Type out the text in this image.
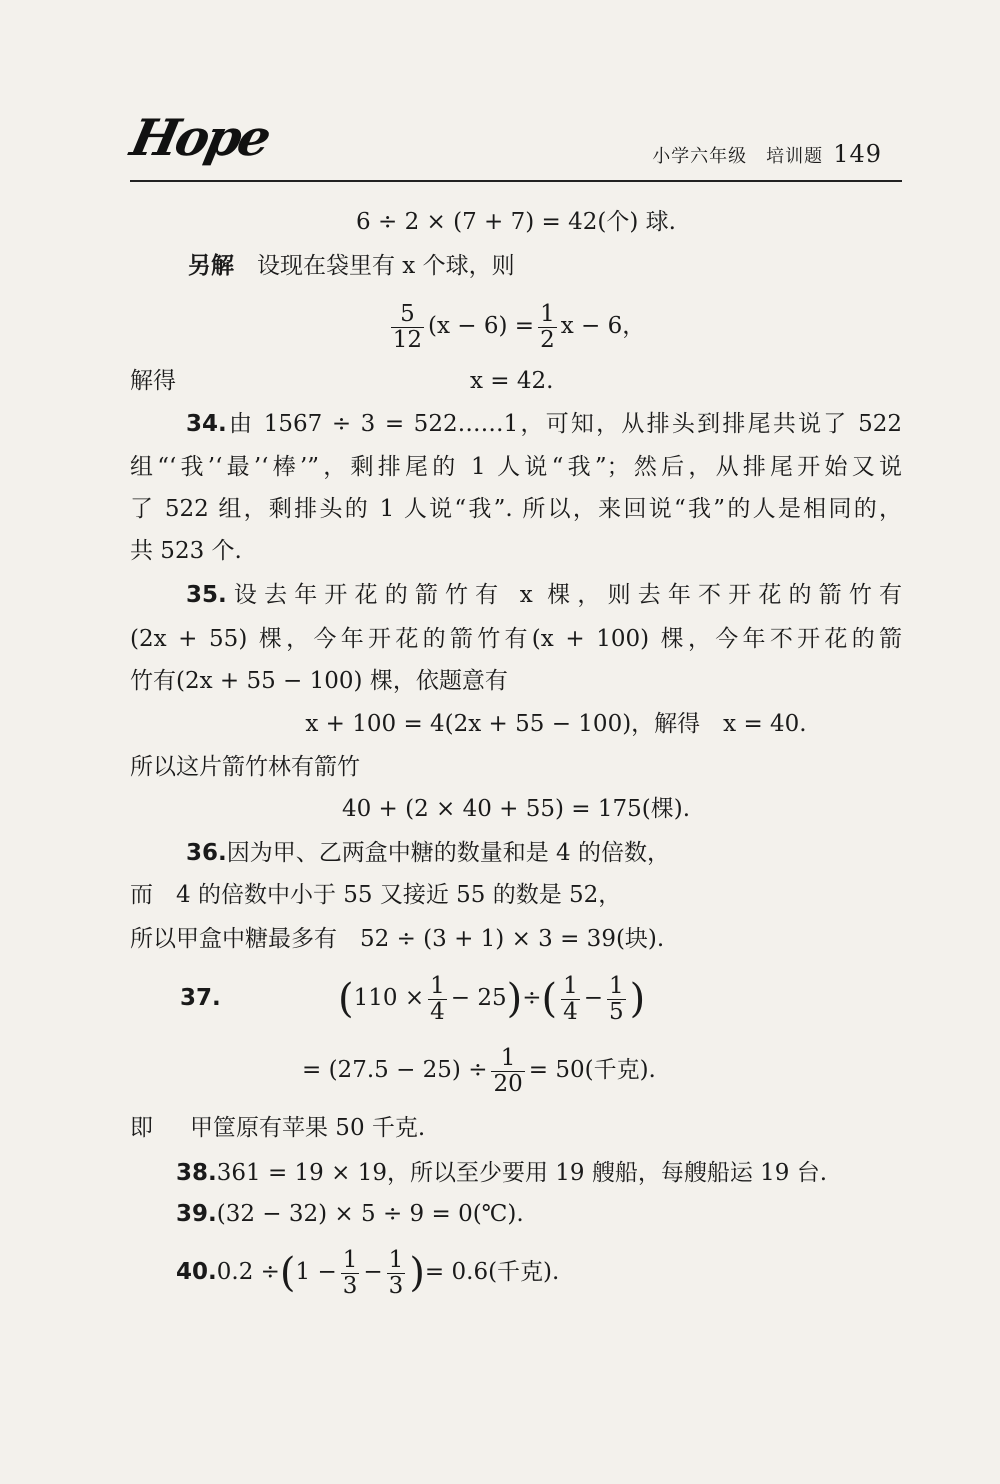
Hope	小学六年级　培训题 149
6 ÷ 2 × (7 + 7) = 42(个) 球.
另解　 设现在袋里有 x 个球，则
$\frac{5}{12} (x - 6) = \frac{1}{2}$ x − 6，
解得	x = 42.
34.由 1567 ÷ 3 = 522……1，可知，从排头到排尾共说了 522
组“‘我’‘最’‘棒’”，剩排尾的 1 人说“我”；然后，从排尾开始又说
了 522 组，剩排头的 1 人说“我”. 所以，来回说“我”的人是相同的，
共 523 个.
35.设去年开花的箭竹有 x 棵，则去年不开花的箭竹有
(2x + 55) 棵，今年开花的箭竹有(x + 100) 棵，今年不开花的箭
竹有(2x + 55 − 100) 棵，依题意有
x + 100 = 4(2x + 55 − 100)，解得　x = 40.
所以这片箭竹林有箭竹
40 + (2 × 40 + 55) = 175(棵).
36.因为甲、乙两盒中糖的数量和是 4 的倍数，
而　4 的倍数中小于 55 又接近 55 的数是 52，
所以甲盒中糖最多有　52 ÷ (3 + 1) × 3 = 39(块).
37.	$(110 \times \frac{1}{4} - 25)\div( \frac{1}{4} - \frac{1}{5}$ )
= $(27.5 - 25) \div \frac{1}{20} = 50$(千克).
即 甲筐原有苹果 50 千克.
38.361 = 19 × 19，所以至少要用 19 艘船，每艘船运 19 台.
39.(32 − 32) × 5 ÷ 9 = 0(℃).
$40.0.2 \div(1 - \frac{1}{3} - \frac{1}{3}$ )= 0.6(千克).
